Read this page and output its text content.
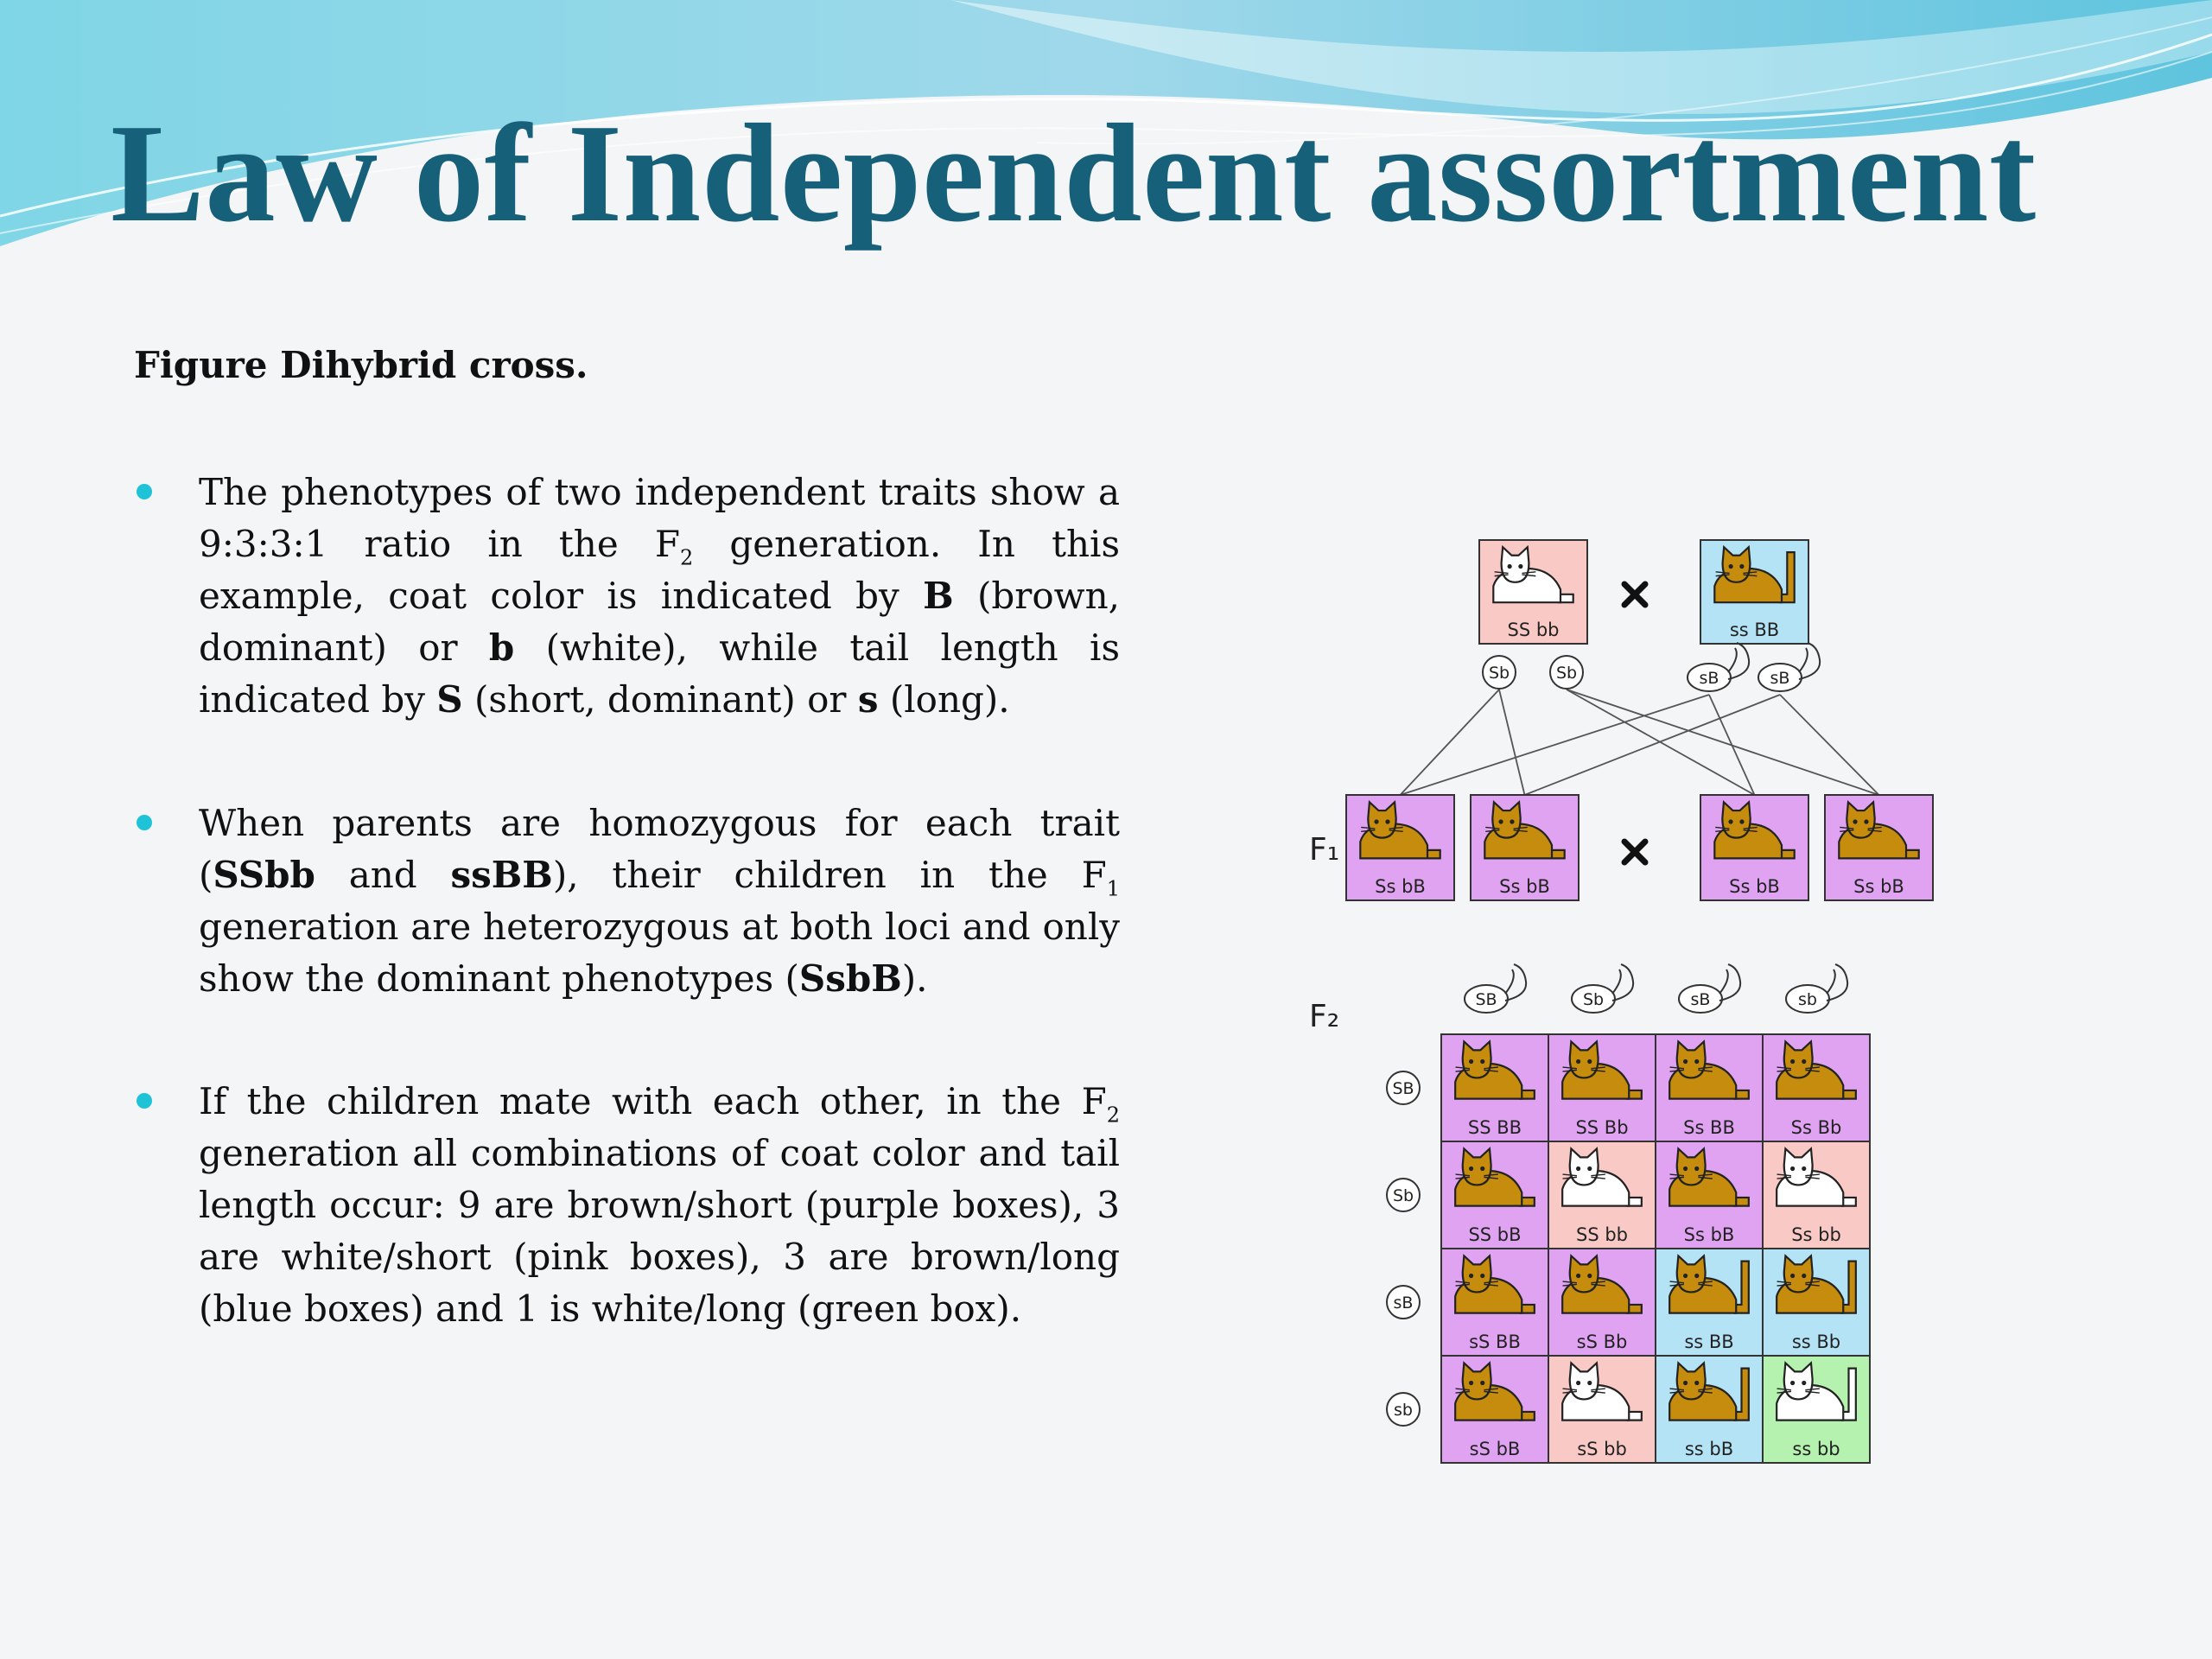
Law of Independent assortment
Figure Dihybrid cross.
The phenotypes of two independent traits show a 9:3:3:1 ratio in the $F_2$ generation. In this example, coat color is indicated by B (brown, dominant) or b (white), while tail length is indicated by S (short, dominant) or s (long).
When parents are homozygous for each trait (SSbb and ssBB), their children in the $F_1$ generation are heterozygous at both loci and only show the dominant phenotypes (SsbB).
If the children mate with each other, in the $F_2$ generation all combinations of coat color and tail length occur: 9 are brown/short (purple boxes), 3 are white/short (pink boxes), 3 are brown/long (blue boxes) and 1 is white/long (green box).
SS bb	ss BB
Sb	Sb	sB	sB
F₁
Ss bB	Ss bB	Ss bB	Ss bB
F₂	SB	Sb	sB	sb
SB
Sb
sB
sb
SS BB	SS Bb	Ss BB	Ss Bb
SS bB	SS bb	Ss bB	Ss bb
sS BB	sS Bb	ss BB	ss Bb
sS bB	sS bb	ss bB	ss bb
